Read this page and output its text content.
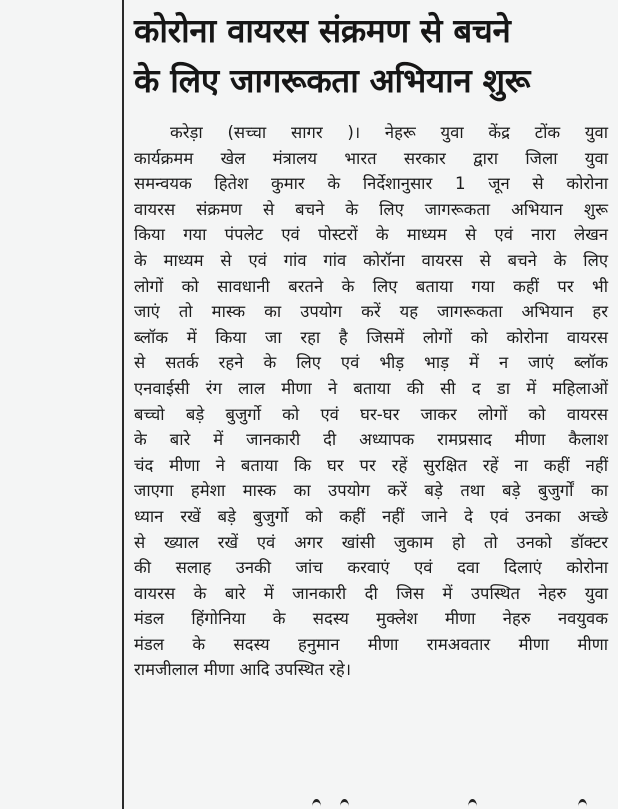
कोरोना वायरस संक्रमण से बचने
के लिए जागरूकता अभियान शुरू
करेड़ा (सच्चा सागर )। नेहरू युवा केंद्र टोंक युवा
कार्यक्रमम खेल मंत्रालय भारत सरकार द्वारा जिला युवा
समन्वयक हितेश कुमार के निर्देशानुसार 1 जून से कोरोना
वायरस संक्रमण से बचने के लिए जागरूकता अभियान शुरू
किया गया पंपलेट एवं पोस्टरों के माध्यम से एवं नारा लेखन
के माध्यम से एवं गांव गांव कोरॉना वायरस से बचने के लिए
लोगों को सावधानी बरतने के लिए बताया गया कहीं पर भी
जाएं तो मास्क का उपयोग करें यह जागरूकता अभियान हर
ब्लॉक में किया जा रहा है जिसमें लोगों को कोरोना वायरस
से सतर्क रहने के लिए एवं भीड़ भाड़ में न जाएं ब्लॉक
एनवाईसी रंग लाल मीणा ने बताया की सी द डा में महिलाओं
बच्चो बड़े बुजुर्गो को एवं घर-घर जाकर लोगों को वायरस
के बारे में जानकारी दी अध्यापक रामप्रसाद मीणा कैलाश
चंद मीणा ने बताया कि घर पर रहें सुरक्षित रहें ना कहीं नहीं
जाएगा हमेशा मास्क का उपयोग करें बड़े तथा बड़े बुजुर्गों का
ध्यान रखें बड़े बुजुर्गो को कहीं नहीं जाने दे एवं उनका अच्छे
से ख्याल रखें एवं अगर खांसी जुकाम हो तो उनको डॉक्टर
की सलाह उनकी जांच करवाएं एवं दवा दिलाएं कोरोना
वायरस के बारे में जानकारी दी जिस में उपस्थित नेहरु युवा
मंडल हिंगोनिया के सदस्य मुक्लेश मीणा नेहरु नवयुवक
मंडल के सदस्य हनुमान मीणा रामअवतार मीणा मीणा
रामजीलाल मीणा आदि उपस्थित रहे।
